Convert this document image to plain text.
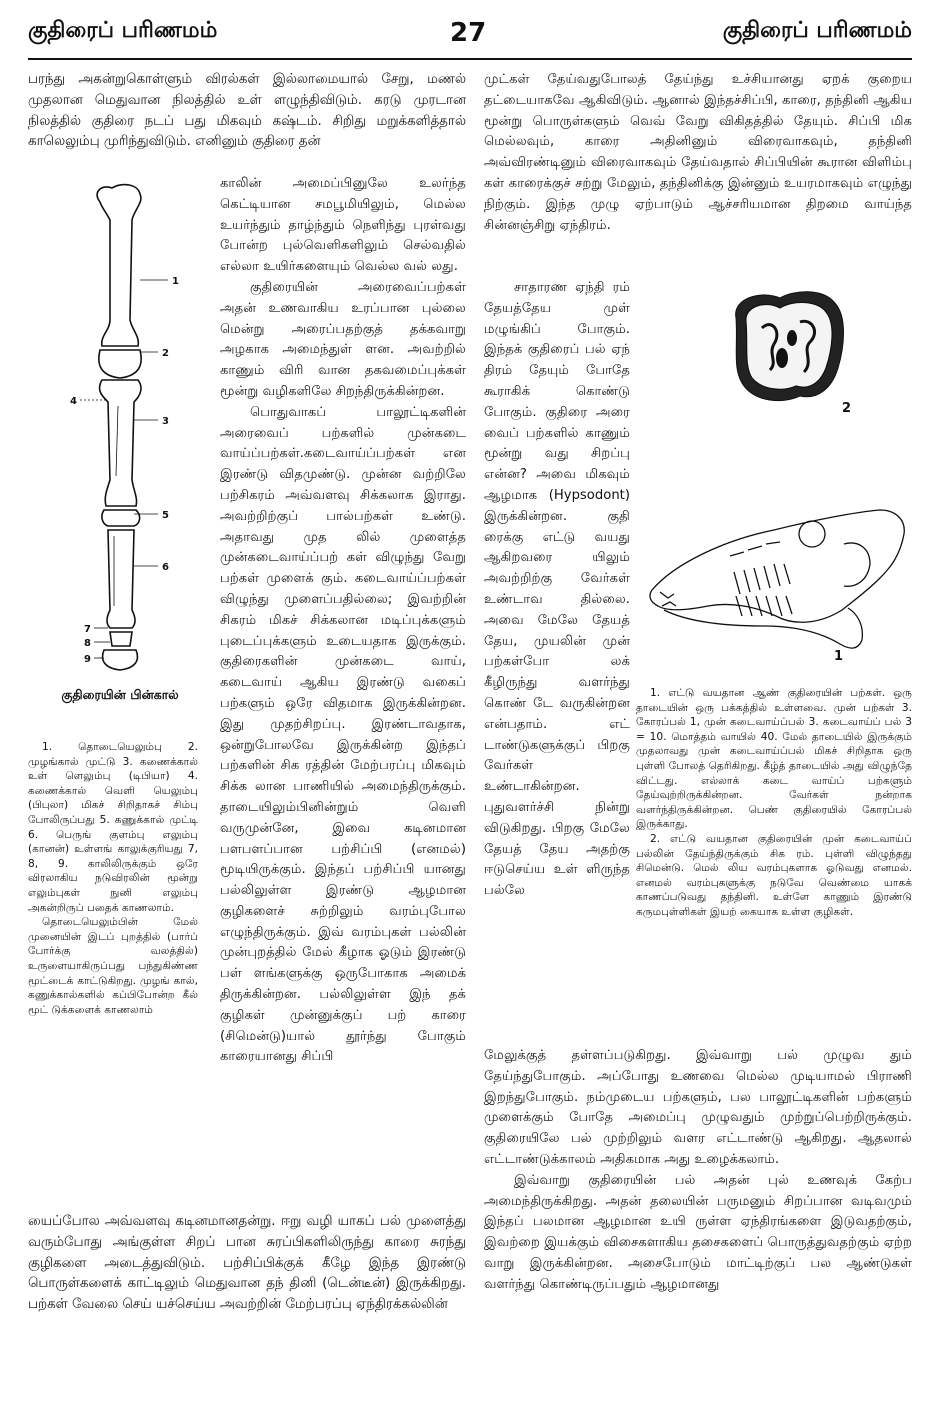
குதிரைப் பரிணமம்	27	குதிரைப் பரிணமம்

பரந்து அகன்றுகொள்ளும் விரல்கள் இல்லாமையால் சேறு, மணல் முதலான மெதுவான நிலத்தில் உள் ளழுந்திவிடும். கரடு முரடான நிலத்தில் குதிரை நடப் பது மிகவும் கஷ்டம். சிறிது மறுக்களித்தால் காலெலும்பு முரிந்துவிடும். எனினும் குதிரை தன்

1
2
3
4
5
6
7
8
9
குதிரையின் பின்கால்

1. தொடையெலும்பு 2. முழங்கால் முட்டு 3. கணைக்கால் உள் ளெலும்பு (டிபியா) 4. கணைக்கால் வெளி யெலும்பு (பிபுலா) மிகச் சிறிதாகச் சிம்பு போலிருப்பது 5. கணுக்கால் முட்டி 6. பெருங் குளம்பு எலும்பு (கானன்) உள்ளங் காலுக்குரியது 7, 8, 9. காலிலிருக்கும் ஒரே விரலாகிய நடுவிரலின் மூன்று எலும்புகள் நுனி எலும்பு அகன்றிருப் பதைக் காணலாம்.

தொடையெலும்பின் மேல் முனையின் இடப் புறத்தில் (பார்ப் போர்க்கு வலத்தில்) உருளையாகிருப்பது பந்துகிண்ண மூட்டைக் காட்டுகிறது. முழங் கால், கணுக்கால்களில் கப்பிபோன்ற கீல் மூட் டுக்களைக் காணலாம்

காலின் அமைப்பினுலே உலர்ந்த கெட்டியான சமபூமியிலும், மெல்ல உயர்ந்தும் தாழ்ந்தும் நெளிந்து புரள்வது போன்ற புல்வெளிகளிலும் செல்வதில் எல்லா உயிர்களையும் வெல்ல வல் லது.

குதிரையின் அரைவைப்பற்கள் அதன் உணவாகிய உரப்பான புல்லை மென்று அரைப்பதற்குத் தக்கவாறு அழகாக அமைந்துள் ளன. அவற்றில் காணும் விரி வான தகவமைப்புக்கள் மூன்று வழிகளிலே சிறந்திருக்கின்றன.

பொதுவாகப் பாலூட்டிகளின் அரைவைப் பற்களில் முன்கடை வாய்ப்பற்கள்.கடைவாய்ப்பற்கள் என இரண்டு விதமுண்டு. முன்ன வற்றிலே பற்சிகரம் அவ்வளவு சிக்கலாக இராது. அவற்றிற்குப் பால்பற்கள் உண்டு. அதாவது முத லில் முளைத்த முன்கடைவாய்ப்பற் கள் விழுந்து வேறு பற்கள் முளைக் கும். கடைவாய்ப்பற்கள் விழுந்து முளைப்பதில்லை; இவற்றின் சிகரம் மிகச் சிக்கலான மடிப்புக்களும் புடைப்புக்களும் உடையதாக இருக்கும். குதிரைகளின் முன்கடை வாய், கடைவாய் ஆகிய இரண்டு வகைப் பற்களும் ஒரே விதமாக இருக்கின்றன. இது முதற்சிறப்பு. இரண்டாவதாக, ஒன்றுபோலவே இருக்கின்ற இந்தப் பற்களின் சிக ரத்தின் மேற்பரப்பு மிகவும் சிக்க லான பாணியில் அமைந்திருக்கும். தாடையிலும்பினின்றும் வெளி வருமுன்னே, இவை கடினமான பளபளப்பான பற்சிப்பி (எனமல்) மூடியிருக்கும். இந்தப் பற்சிப்பி யானது பல்லிலுள்ள இரண்டு ஆழமான குழிகளைச் சுற்றிலும் வரம்புபோல எழுந்திருக்கும். இவ் வரம்புகள் பல்லின் முன்புறத்தில் மேல் கீழாக ஓடும் இரண்டு பள் ளங்களுக்கு ஒருபோகாக அமைக் திருக்கின்றன. பல்லிலுள்ள இந் தக் குழிகள் முன்னுக்குப் பற் காரை (சிமென்டு)யால் தூர்ந்து போகும் காரையானது சிப்பி

யைப்போல அவ்வளவு கடினமானதன்று. ஈறு வழி யாகப் பல் முளைத்து வரும்போது அங்குள்ள சிறப் பான சுரப்பிகளிலிருந்து காரை சுரந்து குழிகளை அடைத்துவிடும். பற்சிப்பிக்குக் கீழே இந்த இரண்டு பொருள்களைக் காட்டிலும் மெதுவான தந் தினி (டென்டீன்) இருக்கிறது. பற்கள் வேலை செய் யச்செய்ய அவற்றின் மேற்பரப்பு ஏந்திரக்கல்லின்

முட்கள் தேய்வதுபோலத் தேய்ந்து உச்சியானது ஏறக் குறைய தட்டையாகவே ஆகிவிடும். ஆனால் இந்தச்சிப்பி, காரை, தந்தினி ஆகிய மூன்று பொருள்களும் வெவ் வேறு விகிதத்தில் தேயும். சிப்பி மிக மெல்லவும், காரை அதினினும் விரைவாகவும், தந்தினி அவ்விரண்டினும் விரைவாகவும் தேய்வதால் சிப்பியின் கூரான விளிம்பு கள் காரைக்குச் சற்று மேலும், தந்தினிக்கு இன்னும் உயரமாகவும் எழுந்து நிற்கும். இந்த முழு ஏற்பாடும் ஆச்சரியமான திறமை வாய்ந்த சின்னஞ்சிறு ஏந்திரம்.

சாதாரண ஏந்தி ரம் தேயத்தேய முள் மழுங்கிப் போகும். இந்தக் குதிரைப் பல் ஏந் திரம் தேயும் போதே கூராகிக் கொண்டு போகும். குதிரை அரை வைப் பற்களில் காணும் மூன்று வது சிறப்பு என்ன? அவை மிகவும் ஆழமாக (Hypsodont) இருக்கின்றன. குதி ரைக்கு எட்டு வயது ஆகிறவரை யிலும் அவற்றிற்கு வேர்கள் உண்டாவ தில்லை. அவை மேலே தேயத் தேய, முயலின் முன் பற்கள்போ லக் கீழிருந்து வளர்ந்து கொண் டே வருகின்றன என்பதாம். எட் டாண்டுகளுக்குப் பிறகு வேர்கள் உண்டாகின்றன. புதுவளர்ச்சி நின்று விடுகிறது. பிறகு மேலே தேயத் தேய அதற்கு ஈடுசெய்ய உள் ளிருந்த பல்லே

2
1

1. எட்டு வயதான ஆண் குதிரையின் பற்கள். ஒரு தாடையின் ஒரு பக்கத்தில் உள்ளவை. முன் பற்கள் 3. கோரப்பல் 1, முன் கடைவாய்ப்பல் 3. கடைவாய்ப் பல் 3 = 10. மொத்தம் வாயில் 40. மேல் தாடையில் இருக்கும் முதலாவது முன் கடைவாய்ப்பல் மிகச் சிறிதாக ஒரு புள்ளி போலத் தெரிகிறது. கீழ்த் தாடையில் அது விழுந்தே விட்டது. எல்லாக் கடை வாய்ப் பற்களும் தேய்வுற்றிருக்கின்றன. வேர்கள் நன்றாக வளர்ந்திருக்கின்றன. பெண் குதிரையில் கோரப்பல் இருக்காது.

2. எட்டு வயதான குதிரையின் முன் கடைவாய்ப் பல்லின் தேய்ந்திருக்கும் சிக ரம். புள்ளி விழுந்தது சிமென்டு. மெல் லிய வரம்புகளாக ஓடுவது எனமல். எனமல் வரம்புகளுக்கு நடுவே வெண்மை யாகக் காணப்படுவது தந்தினி. உள்ளே காணும் இரண்டு கருமபுள்ளிகள் இயற் கையாக உள்ள குழிகள்.

மேலுக்குத் தள்ளப்படுகிறது. இவ்வாறு பல் முழுவ தும் தேய்ந்துபோகும். அப்போது உணவை மெல்ல முடியாமல் பிராணி இறந்துபோகும். நம்முடைய பற்களும், பல பாலூட்டிகளின் பற்களும் முளைக்கும் போதே அமைப்பு முழுவதும் முற்றுப்பெற்றிருக்கும். குதிரையிலே பல் முற்றிலும் வளர எட்டாண்டு ஆகிறது. ஆதலால் எட்டாண்டுக்காலம் அதிகமாக அது உழைக்கலாம்.

இவ்வாறு குதிரையின் பல் அதன் புல் உணவுக் கேற்ப அமைந்திருக்கிறது. அதன் தலையின் பருமனும் சிறப்பான வடிவமும் இந்தப் பலமான ஆழமான உயி ருள்ள ஏந்திரங்களை இடுவதற்கும், இவற்றை இயக்கும் விசைகளாகிய தசைகளைப் பொருத்துவதற்கும் ஏற்ற வாறு இருக்கின்றன. அசைபோடும் மாட்டிற்குப் பல ஆண்டுகள் வளர்ந்து கொண்டிருப்பதும் ஆழமானது
